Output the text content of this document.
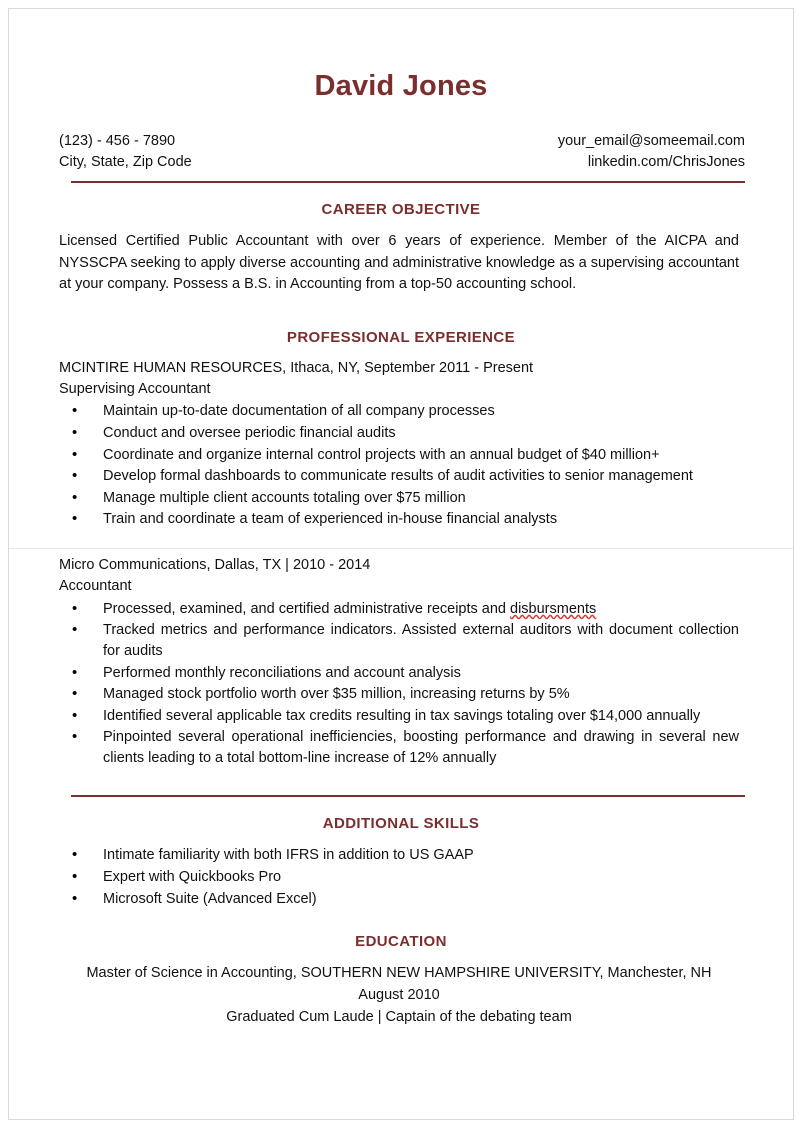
David Jones
(123) - 456 - 7890
City, State, Zip Code
your_email@someemail.com
linkedin.com/ChrisJones
CAREER OBJECTIVE

Licensed Certified Public Accountant with over 6 years of experience. Member of the AICPA and NYSSCPA seeking to apply diverse accounting and administrative knowledge as a supervising accountant at your company. Possess a B.S. in Accounting from a top-50 accounting school.

PROFESSIONAL EXPERIENCE
MCINTIRE HUMAN RESOURCES, Ithaca, NY, September 2011 - Present
Supervising Accountant
• Maintain up-to-date documentation of all company processes
• Conduct and oversee periodic financial audits
• Coordinate and organize internal control projects with an annual budget of $40 million+
• Develop formal dashboards to communicate results of audit activities to senior management
• Manage multiple client accounts totaling over $75 million
• Train and coordinate a team of experienced in-house financial analysts
Micro Communications, Dallas, TX | 2010 - 2014
Accountant
• Processed, examined, and certified administrative receipts and disbursments
• Tracked metrics and performance indicators. Assisted external auditors with document collection for audits
• Performed monthly reconciliations and account analysis
• Managed stock portfolio worth over $35 million, increasing returns by 5%
• Identified several applicable tax credits resulting in tax savings totaling over $14,000 annually
• Pinpointed several operational inefficiencies, boosting performance and drawing in several new clients leading to a total bottom-line increase of 12% annually
ADDITIONAL SKILLS
• Intimate familiarity with both IFRS in addition to US GAAP
• Expert with Quickbooks Pro
• Microsoft Suite (Advanced Excel)
EDUCATION
Master of Science in Accounting, SOUTHERN NEW HAMPSHIRE UNIVERSITY, Manchester, NH
August 2010
Graduated Cum Laude | Captain of the debating team
